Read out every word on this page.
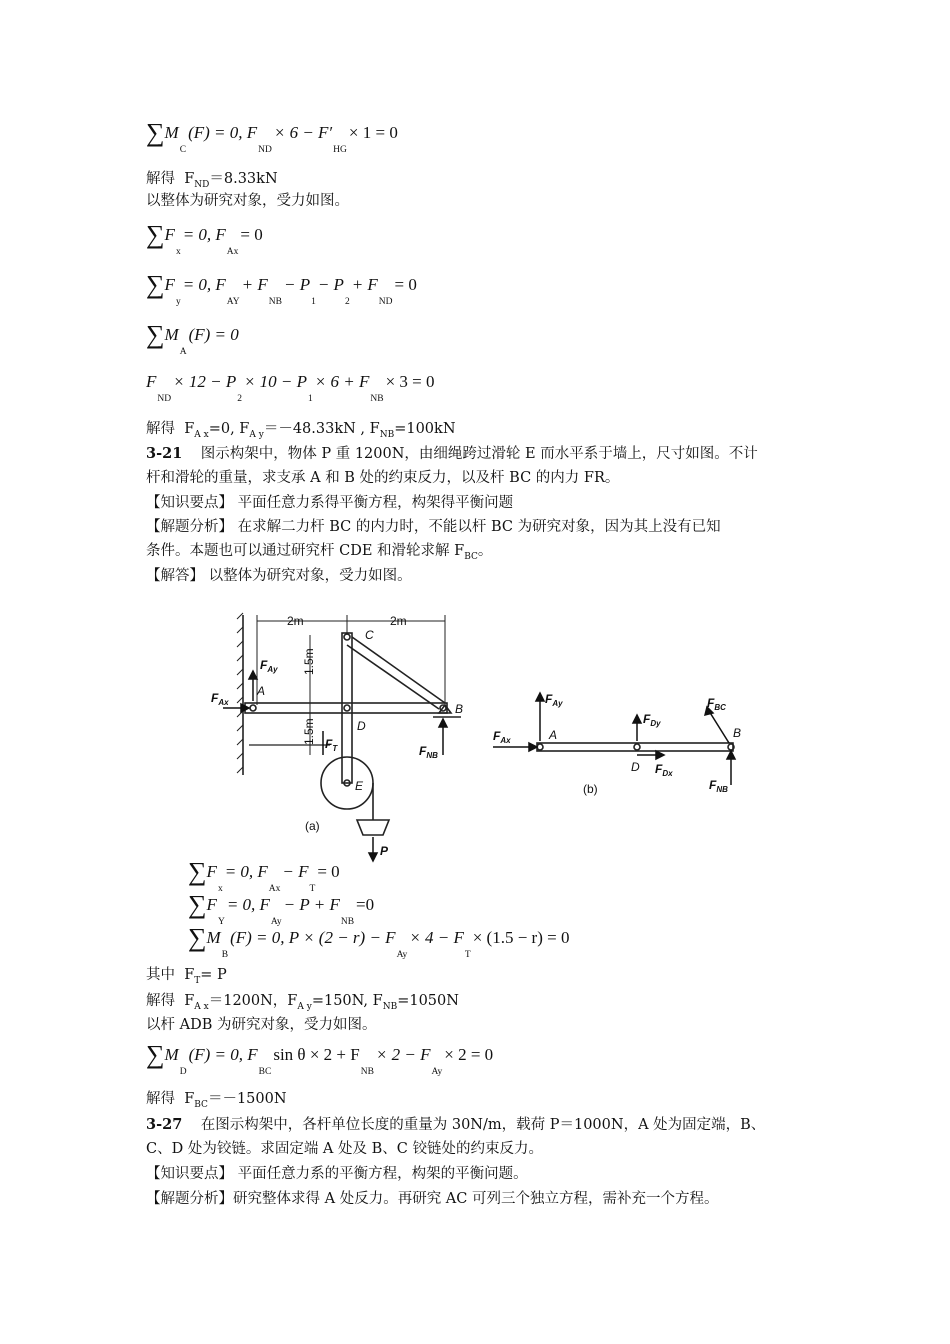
$\sum M_C(F) = 0$, $F_{ND}\times 6 - F'_{HG}\times 1 = 0$
解得 $F_{ND}=8.33kN$
以整体为研究对象，受力如图。
$\sum F_x= 0$, $F_{Ax}= 0$
$\sum F_y= 0$, $F_{AY}+ F_{NB}- P_1- P_2+ F_{ND}= 0$
$\sum M_A(F) = 0$
$F_{ND}\times 12 - P_2\times 10 - P_1\times 6 + F_{NB}\times 3 = 0$
解得 $F_{A x}=0$, $F_{A y}=-48.33kN$ , $F_{NB}=100kN$
3-21 图示构架中，物体 P 重 1200N，由细绳跨过滑轮 E 而水平系于墙上，尺寸如图。不计
杆和滑轮的重量，求支承 A 和 B 处的约束反力，以及杆 BC 的内力 FR。
【知识要点】 平面任意力系得平衡方程，构架得平衡问题
【解题分析】 在求解二力杆 BC 的内力时，不能以杆 BC 为研究对象，因为其上没有已知
条件。本题也可以通过研究杆 CDE 和滑轮求解 $F_{BC}$。
【解答】 以整体为研究对象，受力如图。
2m	2m
1.5m
1.5m
C
A
B
D
E
$F_{Ay}$
$F_{Ax}$
$F_T$	$F_{NB}$
P
(a)
$F_{Ay}$
$F_{Ax}$
$F_{Dy}$
$F_{Dx}$
$F_{BC}$
$F_{NB}$
A	B
D
(b)
$\sum F_x= 0$, $F_{Ax}- F_T= 0$
$\sum F_Y= 0$, $F_{Ay}- P + F_{NB}=0$
$\sum M_B(F) = 0$, $P \times (2 - r) - F_{Ay}\times 4 - F_T\times (1.5 - r) = 0$
其中 $F_T= P$
解得 $F_{A x}=1200N$，$F_{A y}=150N$, $F_{NB}=1050N$
以杆 ADB 为研究对象，受力如图。
$\sum M_D(F) = 0$, $F_{BC}\sin$ $\theta \times 2 + F_{NB}\times 2 - F_{Ay}\times 2 = 0$
解得 $F_{BC}=-1500N$
3-27 在图示构架中，各杆单位长度的重量为 30N/m，载荷 P＝1000N，A 处为固定端，B、
C、D 处为铰链。求固定端 A 处及 B、C 铰链处的约束反力。
【知识要点】 平面任意力系的平衡方程，构架的平衡问题。
【解题分析】研究整体求得 A 处反力。再研究 AC 可列三个独立方程，需补充一个方程。
